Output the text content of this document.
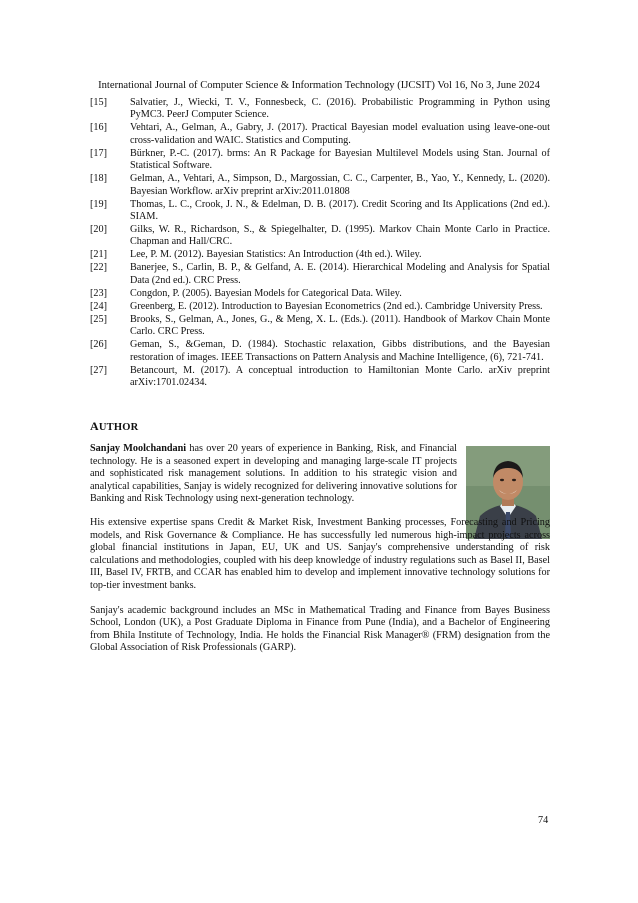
International Journal of Computer Science & Information Technology (IJCSIT) Vol 16, No 3, June 2024
[15] Salvatier, J., Wiecki, T. V., Fonnesbeck, C. (2016). Probabilistic Programming in Python using PyMC3. PeerJ Computer Science.
[16] Vehtari, A., Gelman, A., Gabry, J. (2017). Practical Bayesian model evaluation using leave-one-out cross-validation and WAIC. Statistics and Computing.
[17] Bürkner, P.-C. (2017). brms: An R Package for Bayesian Multilevel Models using Stan. Journal of Statistical Software.
[18] Gelman, A., Vehtari, A., Simpson, D., Margossian, C. C., Carpenter, B., Yao, Y., Kennedy, L. (2020). Bayesian Workflow. arXiv preprint arXiv:2011.01808
[19] Thomas, L. C., Crook, J. N., & Edelman, D. B. (2017). Credit Scoring and Its Applications (2nd ed.). SIAM.
[20] Gilks, W. R., Richardson, S., & Spiegelhalter, D. (1995). Markov Chain Monte Carlo in Practice. Chapman and Hall/CRC.
[21] Lee, P. M. (2012). Bayesian Statistics: An Introduction (4th ed.). Wiley.
[22] Banerjee, S., Carlin, B. P., & Gelfand, A. E. (2014). Hierarchical Modeling and Analysis for Spatial Data (2nd ed.). CRC Press.
[23] Congdon, P. (2005). Bayesian Models for Categorical Data. Wiley.
[24] Greenberg, E. (2012). Introduction to Bayesian Econometrics (2nd ed.). Cambridge University Press.
[25] Brooks, S., Gelman, A., Jones, G., & Meng, X. L. (Eds.). (2011). Handbook of Markov Chain Monte Carlo. CRC Press.
[26] Geman, S., &Geman, D. (1984). Stochastic relaxation, Gibbs distributions, and the Bayesian restoration of images. IEEE Transactions on Pattern Analysis and Machine Intelligence, (6), 721-741.
[27] Betancourt, M. (2017). A conceptual introduction to Hamiltonian Monte Carlo. arXiv preprint arXiv:1701.02434.
AUTHOR

Sanjay Moolchandani has over 20 years of experience in Banking, Risk, and Financial technology. He is a seasoned expert in developing and managing large-scale IT projects and sophisticated risk management solutions. In addition to his strategic vision and analytical capabilities, Sanjay is widely recognized for delivering innovative solutions for Banking and Risk Technology using next-generation technology.

His extensive expertise spans Credit & Market Risk, Investment Banking processes, Forecasting and Pricing models, and Risk Governance & Compliance. He has successfully led numerous high-impact projects across global financial institutions in Japan, EU, UK and US. Sanjay's comprehensive understanding of risk calculations and methodologies, coupled with his deep knowledge of industry regulations such as Basel II, Basel III, Basel IV, FRTB, and CCAR has enabled him to develop and implement innovative technology solutions for top-tier investment banks.

Sanjay's academic background includes an MSc in Mathematical Trading and Finance from Bayes Business School, London (UK), a Post Graduate Diploma in Finance from Pune (India), and a Bachelor of Engineering from Bhila Institute of Technology, India. He holds the Financial Risk Manager® (FRM) designation from the Global Association of Risk Professionals (GARP).

74
